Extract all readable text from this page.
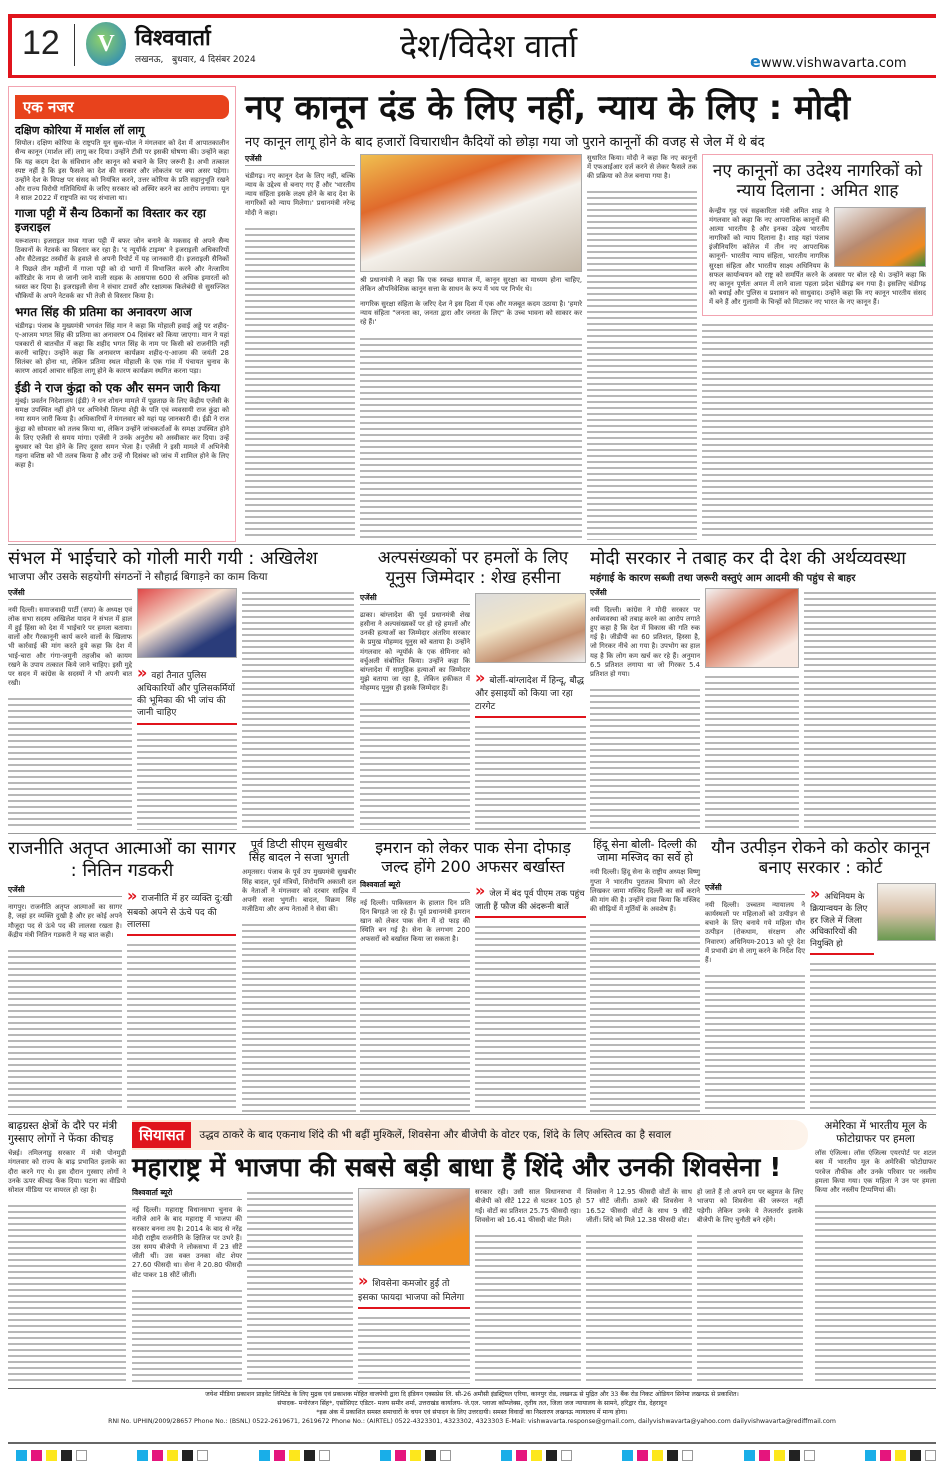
12	V विश्ववार्ता
लखनऊ, बुधवार, 4 दिसंबर 2024	देश/विदेश वार्ता	ewww.vishwavarta.com
एक नजर
दक्षिण कोरिया में मार्शल लॉ लागू

सियोल। दक्षिण कोरिया के राष्ट्रपति यून सुक-योल ने मंगलवार को देश में आपातकालीन सैन्य कानून (मार्शल लॉ) लागू कर दिया। उन्होंने टीवी पर इसकी घोषणा की। उन्होंने कहा कि यह कदम देश के संविधान और कानून को बचाने के लिए जरूरी है। अभी तत्काल स्पष्ट नहीं है कि इस फैसले का देश की सरकार और लोकतंत्र पर क्या असर पड़ेगा। उन्होंने देश के विपक्ष पर संसद को नियंत्रित करने, उत्तर कोरिया के प्रति सहानुभूति रखने और राज्य विरोधी गतिविधियों के जरिए सरकार को अस्थिर करने का आरोप लगाया। यून ने साल 2022 में राष्ट्रपति का पद संभाला था।

गाजा पट्टी में सैन्य ठिकानों का विस्तार कर रहा इजराइल

यरूशलम। इजराइल मध्य गाजा पट्टी में बफर जोन बनाने के मकसद से अपने सैन्य ठिकानों के नेटवर्क का विस्तार कर रहा है। 'द न्यूयॉर्क टाइम्स' ने इजराइली अधिकारियों और सैटेलाइट तस्वीरों के हवाले से अपनी रिपोर्ट में यह जानकारी दी। इजराइली सैनिकों ने पिछले तीन महीनों में गाजा पट्टी को दो भागों में विभाजित करने और नेत्जारिम कॉरिडोर के नाम से जानी जाने वाली सड़क के आसपास 600 से अधिक इमारतों को ध्वस्त कर दिया है। इजराइली सेना ने संचार टावरों और रक्षात्मक किलेबंदी से सुसज्जित चौकियों के अपने नेटवर्क का भी तेजी से विस्तार किया है।

भगत सिंह की प्रतिमा का अनावरण आज

चंडीगढ़। पंजाब के मुख्यमंत्री भगवंत सिंह मान ने कहा कि मोहाली हवाई अड्डे पर शहीद-ए-आजम भगत सिंह की प्रतिमा का अनावरण 04 दिसंबर को किया जाएगा। मान ने यहां पत्रकारों से बातचीत में कहा कि शहीद भगत सिंह के नाम पर किसी को राजनीति नहीं करनी चाहिए। उन्होंने कहा कि अनावरण कार्यक्रम शहीद-ए-आजम की जयंती 28 सितंबर को होना था, लेकिन प्रतिमा स्थल मोहाली के एक गांव में पंचायत चुनाव के कारण आदर्श आचार संहिता लागू होने के कारण कार्यक्रम स्थगित करना पड़ा।

ईडी ने राज कुंद्रा को एक और समन जारी किया

मुंबई। प्रवर्तन निदेशालय (ईडी) ने धन शोधन मामले में पूछताछ के लिए केंद्रीय एजेंसी के समक्ष उपस्थित नहीं होने पर अभिनेत्री शिल्पा शेट्टी के पति एवं व्यवसायी राज कुंद्रा को नया समन जारी किया है। अधिकारियों ने मंगलवार को यहां यह जानकारी दी। ईडी ने राज कुंद्रा को सोमवार को तलब किया था, लेकिन उन्होंने जांचकर्ताओं के समक्ष उपस्थित होने के लिए एजेंसी से समय मांगा। एजेंसी ने उनके अनुरोध को अस्वीकार कर दिया। उन्हें बुधवार को पेश होने के लिए दूसरा समन भेजा है। एजेंसी ने इसी मामले में अभिनेत्री गहना वशिष्ठ को भी तलब किया है और उन्हें नौ दिसंबर को जांच में शामिल होने के लिए कहा है।

नए कानून दंड के लिए नहीं, न्याय के लिए : मोदी
नए कानून लागू होने के बाद हजारों विचाराधीन कैदियों को छोड़ा गया जो पुराने कानूनों की वजह से जेल में थे बंद
एजेंसी

चंडीगढ़। नए कानून देश के लिए नहीं, बल्कि न्याय के उद्देश्य से बनाए गए हैं और 'भारतीय न्याय संहिता इसके लक्ष्य होने के बाद देश के नागरिकों को न्याय मिलेगा।' प्रधानमंत्री नरेन्द्र मोदी ने कहा।

श्री प्रधानमंत्री ने कहा कि एक स्वच्छ समाज में, कानून सुरक्षा का माध्यम होना चाहिए, लेकिन औपनिवेशिक कानून सत्ता के साधन के रूप में भय पर निर्भर थे।

नागरिक सुरक्षा संहिता के जरिए देश ने इस दिशा में एक और मजबूत कदम उठाया है। 'हमारे न्याय संहिता "जनता का, जनता द्वारा और जनता के लिए" के उच्च भावना को साकार कर रहे हैं।'

सुधारित किया। मोदी ने कहा कि नए कानूनों में एफआईआर दर्ज करने से लेकर फैसले तक की प्रक्रिया को तेज बनाया गया है।	नए कानूनों का उदेश्य नागरिकों को न्याय दिलाना : अमित शाह

केन्द्रीय गृह एवं सहकारिता मंत्री अमित शाह ने मंगलवार को कहा कि नए आपराधिक कानूनों की आत्मा भारतीय है और इनका उद्देश्य भारतीय नागरिकों को न्याय दिलाना है। शाह यहां पंजाब इंजीनियरिंग कॉलेज में तीन नए आपराधिक कानूनों- भारतीय न्याय संहिता, भारतीय नागरिक सुरक्षा संहिता और भारतीय साक्ष्य अधिनियम के सफल कार्यान्वयन को राष्ट्र को समर्पित करने के अवसर पर बोल रहे थे। उन्होंने कहा कि नए कानून पूर्णतः अमल में लाने वाला पहला प्रदेश चंडीगढ़ बन गया है। इसलिए चंडीगढ़ को बधाई और पुलिस व प्रशासन को साधुवाद। उन्होंने कहा कि नए कानून भारतीय संसद में बने हैं और गुलामी के चिन्हों को मिटाकर नए भारत के नए कानून हैं।

संभल में भाईचारे को गोली मारी गयी : अखिलेश
भाजपा और उसके सहयोगी संगठनों ने सौहार्द्र बिगाड़ने का काम किया
एजेंसी

नयी दिल्ली। समाजवादी पार्टी (सपा) के अध्यक्ष एवं लोक सभा सदस्य अखिलेश यादव ने संभल में हाल में हुई हिंसा को देश में भाईचारे पर हमला बताया। वालों और गैरकानूनी कार्य करने वालों के खिलाफ भी कार्रवाई की मांग करते हुये कहा कि देश में भाई-चारा और गंगा-जमुनी तहजीब को कायम रखने के उपाय तत्काल किये जाने चाहिए। इसी मुद्दे पर सदन में कांग्रेस के सदस्यों ने भी अपनी बात रखी।

» वहां तैनात पुलिस अधिकारियों और पुलिसकर्मियों की भूमिका की भी जांच की जानी चाहिए
अल्पसंख्यकों पर हमलों के लिए यूनुस जिम्मेदार : शेख हसीना
एजेंसी

ढाका। बांग्लादेश की पूर्व प्रधानमंत्री शेख हसीना ने अल्पसंख्यकों पर हो रहे हमलों और उनकी हत्याओं का जिम्मेदार अंतरिम सरकार के प्रमुख मोहम्मद यूनुस को बताया है। उन्होंने मंगलवार को न्यूयॉर्क के एक सेमिनार को वर्चुअली संबोधित किया। उन्होंने कहा कि बांग्लादेश में सामूहिक हत्याओं का जिम्मेदार मुझे बताया जा रहा है, लेकिन हकीकत में मोहम्मद यूनुस ही इसके जिम्मेदार हैं।

» बोलीं-बांग्लादेश में हिन्दू, बौद्ध और इसाइयों को किया जा रहा टारगेट
मोदी सरकार ने तबाह कर दी देश की अर्थव्यवस्था
महंगाई के कारण सब्जी तथा जरूरी वस्तुएं आम आदमी की पहुंच से बाहर
एजेंसी

नयी दिल्ली। कांग्रेस ने मोदी सरकार पर अर्थव्यवस्था को तबाह करने का आरोप लगाते हुए कहा है कि देश में विकास की गति रुक गई है। जीडीपी का 60 प्रतिशत, हिस्सा है, जो गिरकर नीचे आ गया है। उपभोग का हाल यह है कि लोग कम खर्च कर रहे हैं। अनुमान 6.5 प्रतिशत लगाया था जो गिरकर 5.4 प्रतिशत हो गया।

राजनीति अतृप्त आत्माओं का सागर : नितिन गडकरी
एजेंसी

नागपुर। राजनीति अतृप्त आत्माओं का सागर है, जहां हर व्यक्ति दुखी है और हर कोई अपने मौजूदा पद से ऊंचे पद की लालसा रखता है। केंद्रीय मंत्री नितिन गडकरी ने यह बात कही।

» राजनीति में हर व्यक्ति दु:खी सबको अपने से ऊंचे पद की लालसा
पूर्व डिप्टी सीएम सुखबीर सिंह बादल ने सजा भुगती

अमृतसर। पंजाब के पूर्व उप मुख्यमंत्री सुखबीर सिंह बादल, पूर्व मंत्रियों, शिरोमणि अकाली दल के नेताओं ने मंगलवार को दरबार साहिब में अपनी सजा भुगती। बादल, विक्रम सिंह मजीठिया और अन्य नेताओं ने सेवा की।

इमरान को लेकर पाक सेना दोफाड़ जल्द होंगे 200 अफसर बर्खास्त
विश्ववार्ता ब्यूरो

नई दिल्ली। पाकिस्तान के हालात दिन प्रति दिन बिगड़ते जा रहे हैं। पूर्व प्रधानमंत्री इमरान खान को लेकर पाक सेना में दो फाड़ की स्थिति बन गई है। सेना के लगभग 200 अफसरों को बर्खास्त किया जा सकता है।

» जेल में बंद पूर्व पीएम तक पहुंच जाती हैं फौज की अंदरूनी बातें
हिंदू सेना बोली- दिल्ली की जामा मस्जिद का सर्वे हो

नयी दिल्ली। हिंदू सेना के राष्ट्रीय अध्यक्ष विष्णु गुप्ता ने भारतीय पुरातत्व विभाग को लेटर लिखकर जामा मस्जिद दिल्ली का सर्वे कराने की मांग की है। उन्होंने दावा किया कि मस्जिद की सीढ़ियों में मूर्तियों के अवशेष हैं।

यौन उत्पीड़न रोकने को कठोर कानून बनाए सरकार : कोर्ट
एजेंसी

नयी दिल्ली। उच्चतम न्यायालय ने कार्यस्थलों पर महिलाओं को उत्पीड़न से बचाने के लिए बनाये गये महिला यौन उत्पीड़न (रोकथाम, संरक्षण और निवारण) अधिनियम-2013 को पूरे देश में प्रभावी ढंग से लागू करने के निर्देश दिए हैं।

» अधिनियम के क्रियान्वयन के लिए हर जिले में जिला अधिकारियों की नियुक्ति हो
बाढ़ग्रस्त क्षेत्रों के दौरे पर मंत्री गुस्साए लोगों ने फेंका कीचड़

चेन्नई। तमिलनाडु सरकार में मंत्री पोनमुडी मंगलवार को राज्य के बाढ़ प्रभावित इलाके का दौरा करने गए थे। इस दौरान गुस्साए लोगों ने उनके ऊपर कीचड़ फेंक दिया। घटना का वीडियो सोशल मीडिया पर वायरल हो रहा है।

सियासत	उद्धव ठाकरे के बाद एकनाथ शिंदे की भी बढ़ीं मुश्किलें, शिवसेना और बीजेपी के वोटर एक, शिंदे के लिए अस्तित्व का है सवाल
महाराष्ट्र में भाजपा की सबसे बड़ी बाधा हैं शिंदे और उनकी शिवसेना !
विश्ववार्ता ब्यूरो

नई दिल्ली। महाराष्ट्र विधानसभा चुनाव के नतीजे आने के बाद महाराष्ट्र में भाजपा की सरकार बनना तय है। 2014 के बाद से नरेंद्र मोदी राष्ट्रीय राजनीति के क्षितिज पर उभरे हैं। उस समय बीजेपी ने लोकसभा में 23 सीटें जीती थीं। उस वक्त उनका वोट शेयर 27.60 फीसदी था। सेना ने 20.80 फीसदी वोट पाकर 18 सीटें जीतीं।	» शिवसेना कमजोर हुई तो इसका फायदा भाजपा को मिलेगा

सरकार रही। उसी साल विधानसभा में बीजेपी को सीटें 122 से घटकर 105 हो गईं। वोटों का प्रतिशत 25.75 फीसदी रहा। शिवसेना को 16.41 फीसदी वोट मिले।

शिवसेना ने 12.95 फीसदी वोटों के साथ 57 सीटें जीतीं। ठाकरे की शिवसेना ने 16.52 फीसदी वोटों के साथ 9 सीटें जीतीं। शिंदे को मिले 12.38 फीसदी वोट।

हो जाते हैं तो अपने दम पर बहुमत के लिए भाजपा को शिवसेना की जरूरत नहीं पड़ेगी। लेकिन उनके ये तेजतर्रार इलाके बीजेपी के लिए चुनौती बने रहेंगे।

अमेरिका में भारतीय मूल के फोटोग्राफर पर हमला

लॉस एंजिल्स। लॉस एंजिल्स एयरपोर्ट पर शटल बस में भारतीय मूल के अमेरिकी फोटोग्राफर परवेज तौफीक और उनके परिवार पर नस्लीय हमला किया गया। एक महिला ने उन पर हमला किया और नस्लीय टिप्पणियां कीं।

जयेश मीडिया प्रकाशन प्राइवेट लिमिटेड के लिए मुद्रक एवं प्रकाशक मोहित वाजपेयी द्वारा दि इंडियन एक्सप्रेस लि. सी-26 अमौसी इंडस्ट्रियल एरिया, कानपुर रोड, लखनऊ से मुद्रित और 33 बैंक रोड निकट ओडियन सिनेमा लखनऊ से प्रकाशित।
संपादक- मनोरंजन सिंह*, एसोसिएट एडिटर- मलय समीर शर्मा, उत्तराखंड कार्यालय- जे.एल. प्लाजा कॉम्प्लेक्स, तृतीय तल, जिला जज न्यायालय के सामने, हरिद्वार रोड, देहरादून
*इस अंक में प्रकाशित समस्त समाचारों के चयन एवं संपादन के लिए उत्तरदायी। समस्त विवादों का निस्तारण लखनऊ न्यायालय में मान्य होगा।
RNI No. UPHIN/2009/28657 Phone No.: (BSNL) 0522-2619671, 2619672 Phone No.: (AIRTEL) 0522-4323301, 4323302, 4323303 E-Mail: vishwavarta.response@gmail.com, dailyvishwavarta@yahoo.com dailyvishwavarta@rediffmail.com
